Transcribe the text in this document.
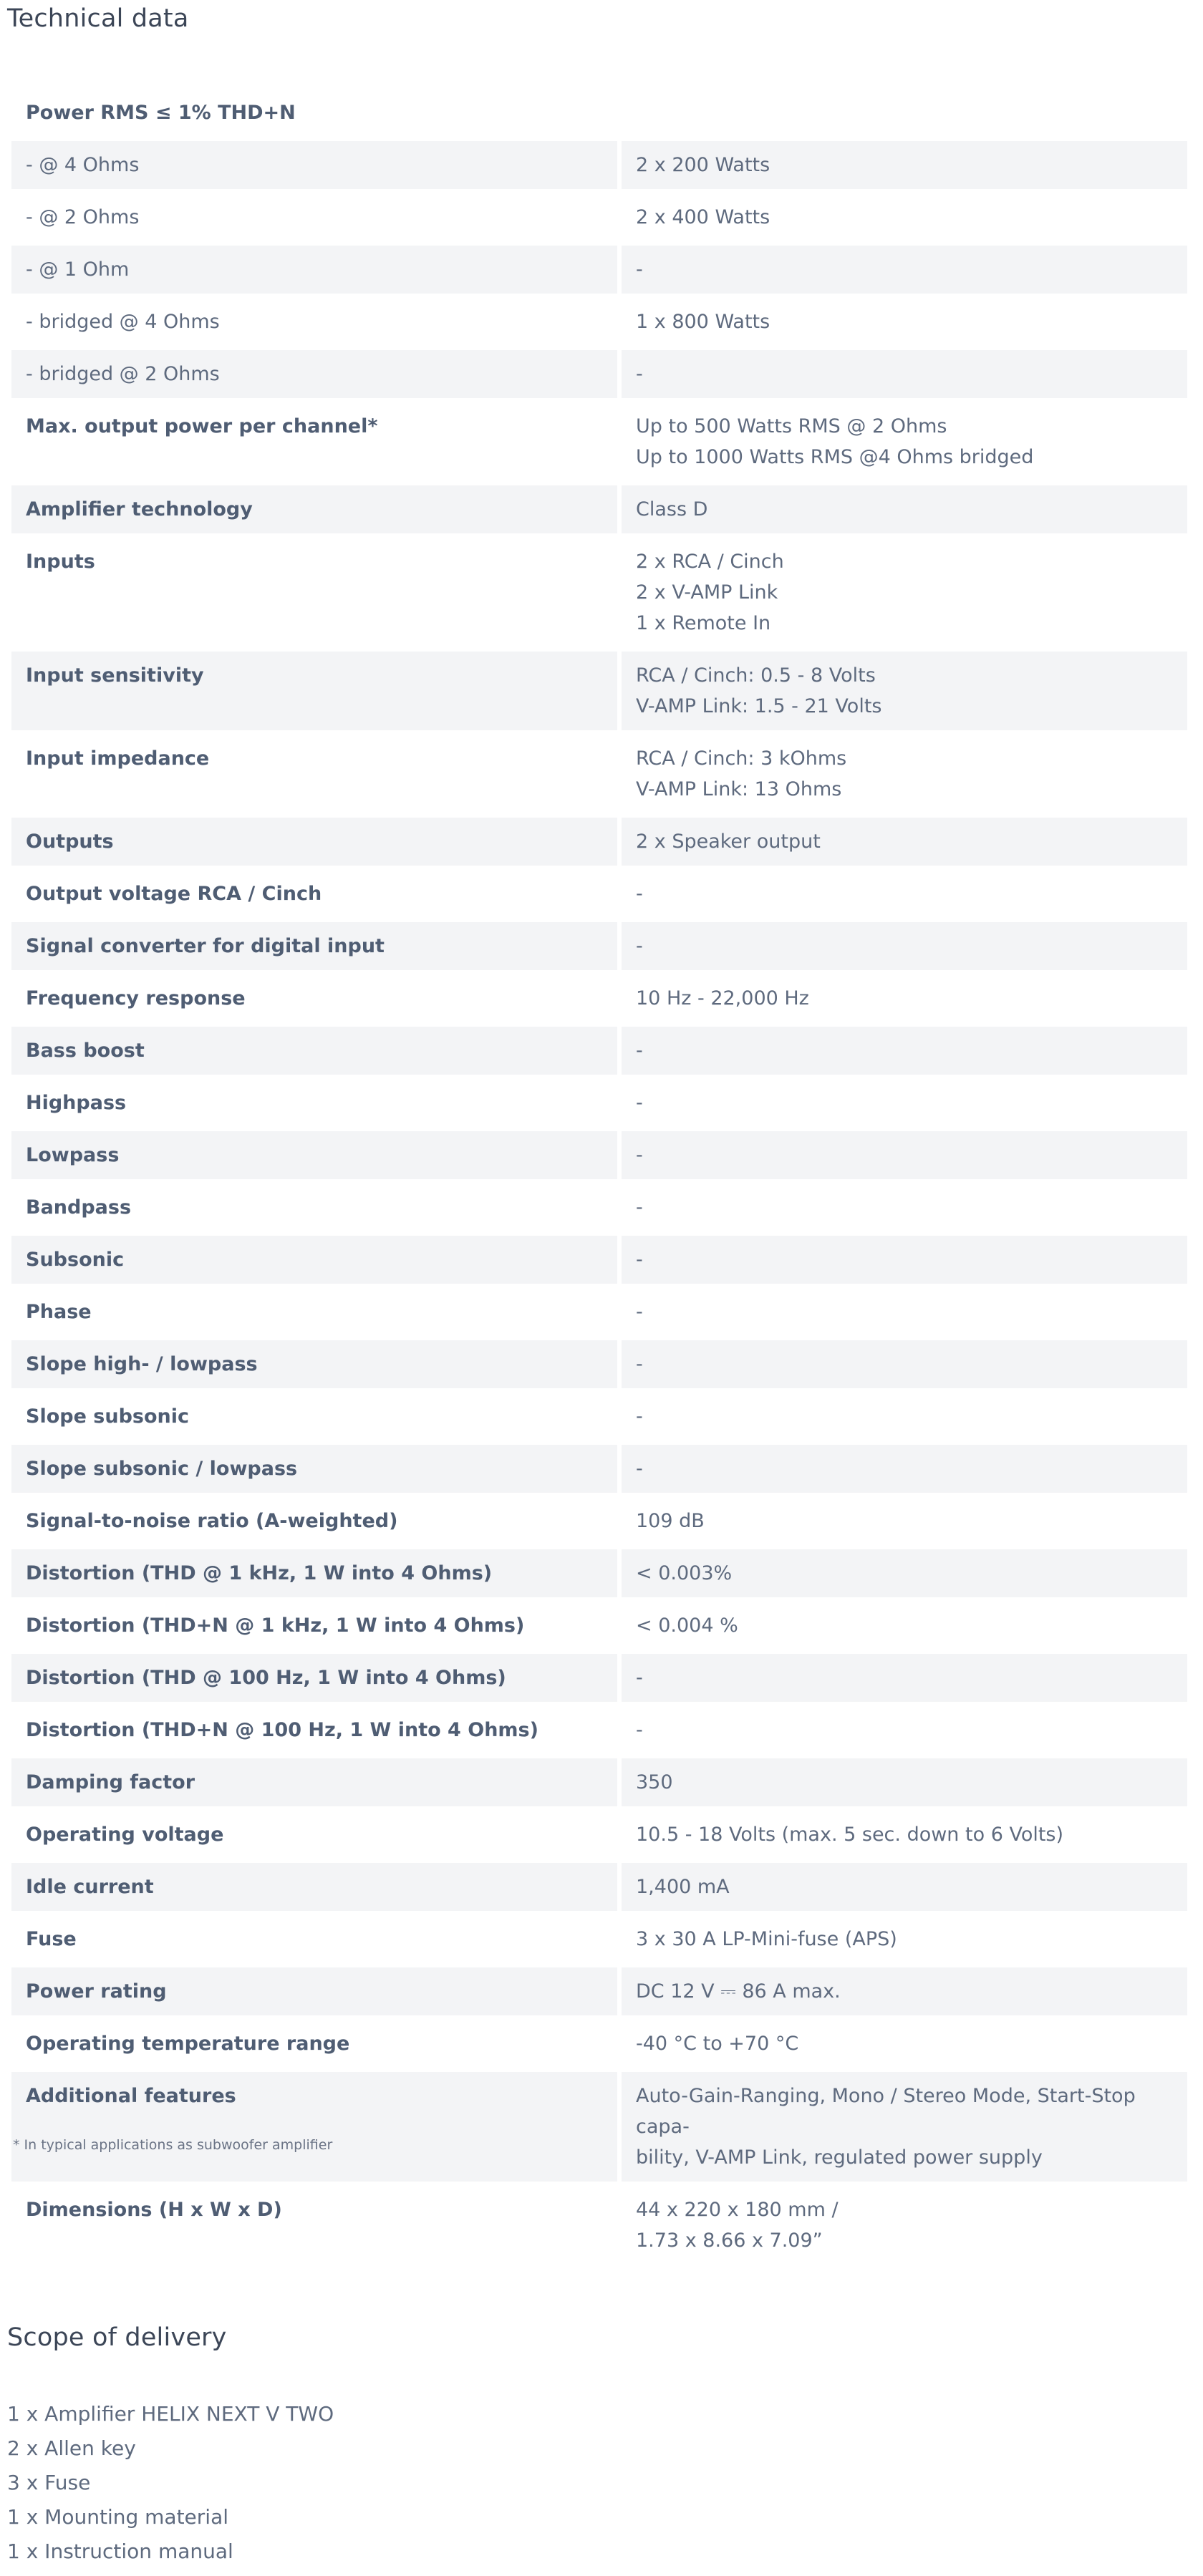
Technical data
Power RMS ≤ 1% THD+N	
- @ 4 Ohms	2 x 200 Watts

- @ 2 Ohms	2 x 400 Watts

- @ 1 Ohm	-

- bridged @ 4 Ohms	1 x 800 Watts

- bridged @ 2 Ohms	-

Max. output power per channel*	Up to 500 Watts RMS @ 2 Ohms
Up to 1000 Watts RMS @4 Ohms bridged

Amplifier technology	Class D

Inputs	2 x RCA / Cinch
2 x V-AMP Link
1 x Remote In

Input sensitivity	RCA / Cinch: 0.5 - 8 Volts
V-AMP Link: 1.5 - 21 Volts

Input impedance	RCA / Cinch: 3 kOhms
V-AMP Link: 13 Ohms

Outputs	2 x Speaker output

Output voltage RCA / Cinch	-

Signal converter for digital input	-

Frequency response	10 Hz - 22,000 Hz

Bass boost	-

Highpass	-

Lowpass	-

Bandpass	-

Subsonic	-

Phase	-

Slope high- / lowpass	-

Slope subsonic	-

Slope subsonic / lowpass	-

Signal-to-noise ratio (A-weighted)	109 dB

Distortion (THD @ 1 kHz, 1 W into 4 Ohms)	< 0.003%

Distortion (THD+N @ 1 kHz, 1 W into 4 Ohms)	< 0.004 %

Distortion (THD @ 100 Hz, 1 W into 4 Ohms)	-

Distortion (THD+N @ 100 Hz, 1 W into 4 Ohms)	-

Damping factor	350

Operating voltage	10.5 - 18 Volts (max. 5 sec. down to 6 Volts)

Idle current	1,400 mA

Fuse	3 x 30 A LP-Mini-fuse (APS)

Power rating	DC 12 V ⎓ 86 A max.

Operating temperature range	-40 °C to +70 °C

Additional features	Auto-Gain-Ranging, Mono / Stereo Mode, Start-Stop capa-
bility, V-AMP Link, regulated power supply

Dimensions (H x W x D)	44 x 220 x 180 mm /
1.73 x 8.66 x 7.09”

* In typical applications as subwoofer amplifier

Scope of delivery
1 x Amplifier HELIX NEXT V TWO
2 x Allen key
3 x Fuse
1 x Mounting material
1 x Instruction manual
